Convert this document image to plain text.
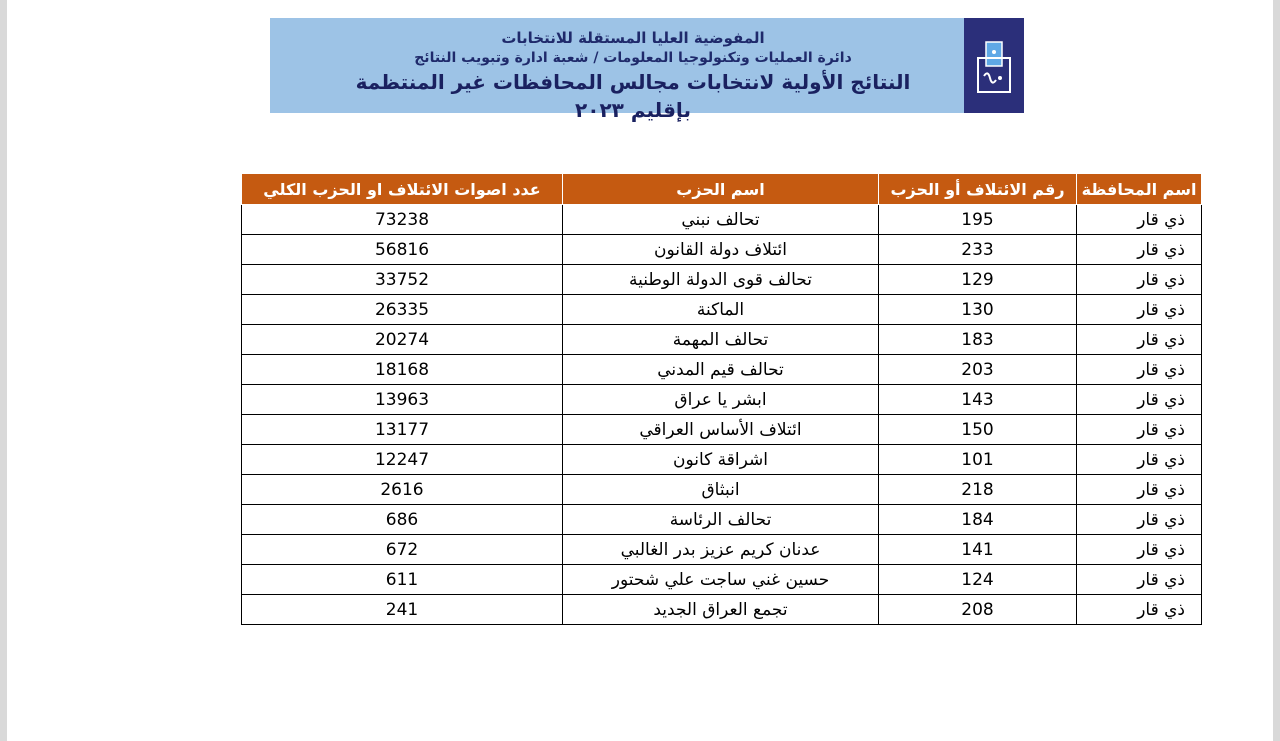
المفوضية العليا المستقلة للانتخابات
دائرة العمليات وتكنولوجيا المعلومات / شعبة ادارة وتبويب النتائج
النتائج الأولية لانتخابات مجالس المحافظات غير المنتظمة بإقليم ٢٠٢٣
اسم المحافظة	رقم الائتلاف أو الحزب	اسم الحزب	عدد اصوات الائتلاف او الحزب الكلي
ذي قار	195	تحالف نبني	73238
ذي قار	233	ائتلاف دولة القانون	56816
ذي قار	129	تحالف قوى الدولة الوطنية	33752
ذي قار	130	الماكنة	26335
ذي قار	183	تحالف المهمة	20274
ذي قار	203	تحالف قيم المدني	18168
ذي قار	143	ابشر يا عراق	13963
ذي قار	150	ائتلاف الأساس العراقي	13177
ذي قار	101	اشراقة كانون	12247
ذي قار	218	انبثاق	2616
ذي قار	184	تحالف الرئاسة	686
ذي قار	141	عدنان كريم عزيز بدر الغالبي	672
ذي قار	124	حسين غني ساجت علي شحتور	611
ذي قار	208	تجمع العراق الجديد	241
